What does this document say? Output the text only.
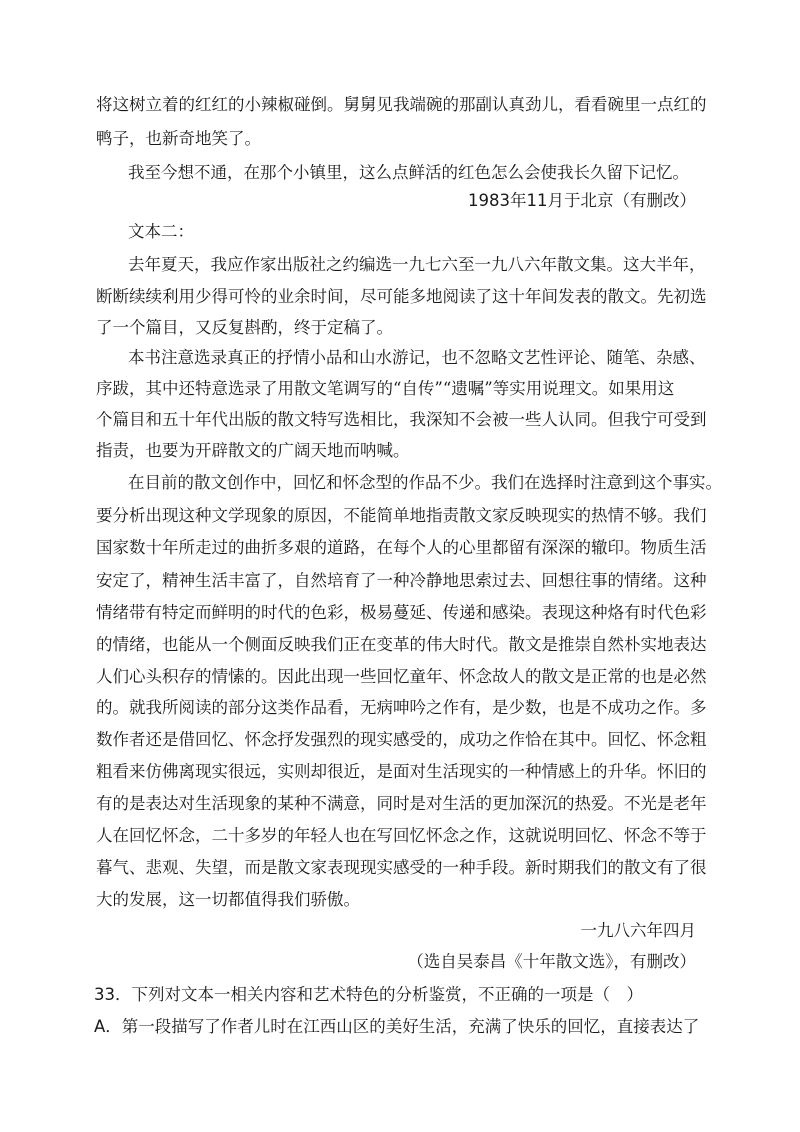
将这树立着的红红的小辣椒碰倒。舅舅见我端碗的那副认真劲儿，看看碗里一点红的
鸭子，也新奇地笑了。
我至今想不通，在那个小镇里，这么点鲜活的红色怎么会使我长久留下记忆。
1983年11月于北京（有删改）
文本二：
去年夏天，我应作家出版社之约编选一九七六至一九八六年散文集。这大半年，
断断续续利用少得可怜的业余时间，尽可能多地阅读了这十年间发表的散文。先初选
了一个篇目，又反复斟酌，终于定稿了。
本书注意选录真正的抒情小品和山水游记，也不忽略文艺性评论、随笔、杂感、
序跋，其中还特意选录了用散文笔调写的“自传”“遗嘱”等实用说理文。如果用这
个篇目和五十年代出版的散文特写选相比，我深知不会被一些人认同。但我宁可受到
指责，也要为开辟散文的广阔天地而呐喊。
在目前的散文创作中，回忆和怀念型的作品不少。我们在选择时注意到这个事实。
要分析出现这种文学现象的原因，不能简单地指责散文家反映现实的热情不够。我们
国家数十年所走过的曲折多艰的道路，在每个人的心里都留有深深的辙印。物质生活
安定了，精神生活丰富了，自然培育了一种冷静地思索过去、回想往事的情绪。这种
情绪带有特定而鲜明的时代的色彩，极易蔓延、传递和感染。表现这种烙有时代色彩
的情绪，也能从一个侧面反映我们正在变革的伟大时代。散文是推崇自然朴实地表达
人们心头积存的情愫的。因此出现一些回忆童年、怀念故人的散文是正常的也是必然
的。就我所阅读的部分这类作品看，无病呻吟之作有，是少数，也是不成功之作。多
数作者还是借回忆、怀念抒发强烈的现实感受的，成功之作恰在其中。回忆、怀念粗
粗看来仿佛离现实很远，实则却很近，是面对生活现实的一种情感上的升华。怀旧的
有的是表达对生活现象的某种不满意，同时是对生活的更加深沉的热爱。不光是老年
人在回忆怀念，二十多岁的年轻人也在写回忆怀念之作，这就说明回忆、怀念不等于
暮气、悲观、失望，而是散文家表现现实感受的一种手段。新时期我们的散文有了很
大的发展，这一切都值得我们骄傲。
一九八六年四月
（选自吴泰昌《十年散文选》，有删改）
33．下列对文本一相关内容和艺术特色的分析鉴赏，不正确的一项是（　）
A．第一段描写了作者儿时在江西山区的美好生活，充满了快乐的回忆，直接表达了
